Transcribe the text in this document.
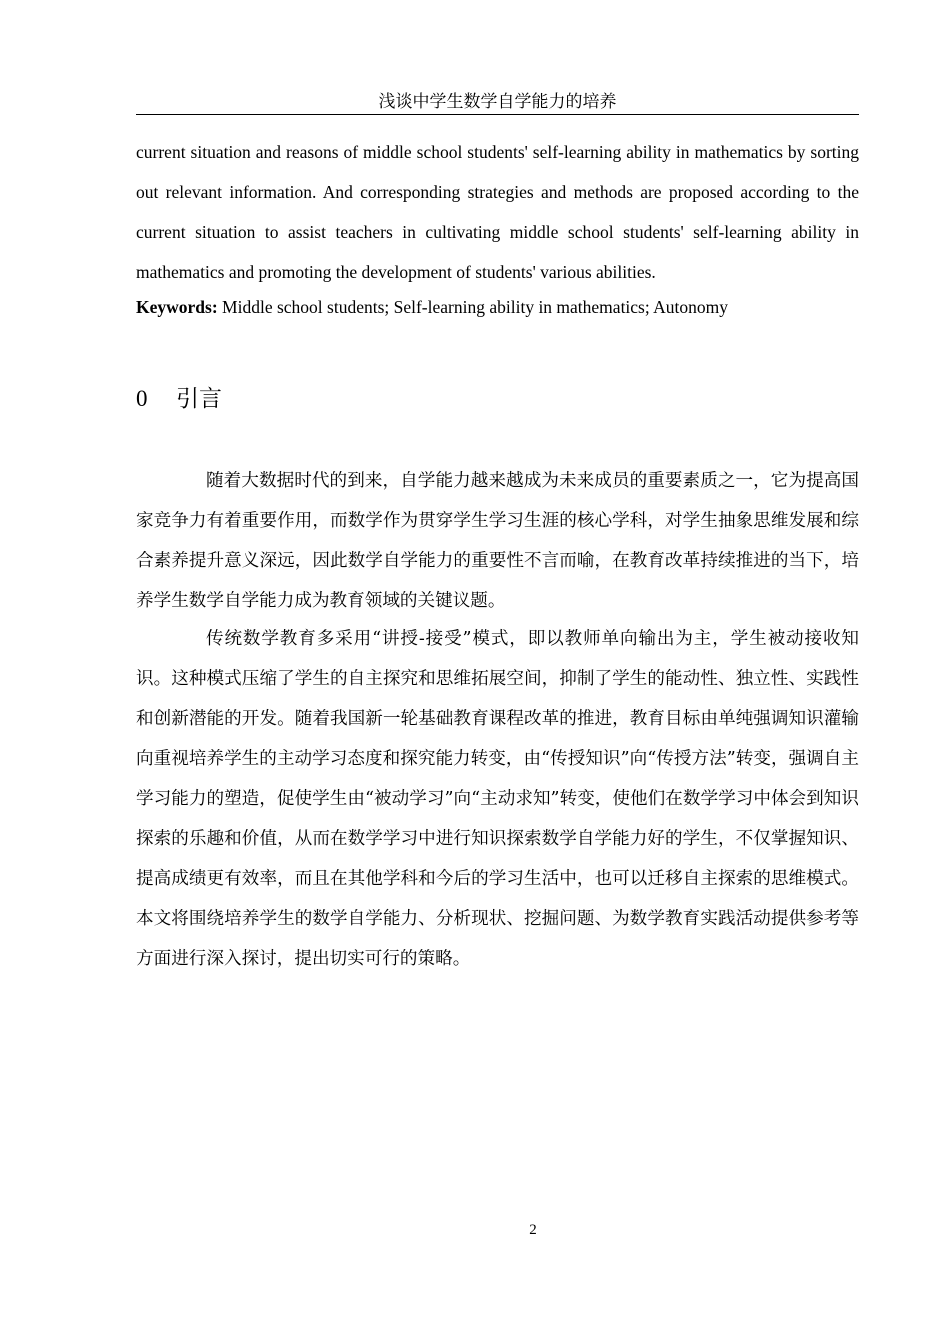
浅谈中学生数学自学能力的培养

current situation and reasons of middle school students' self-learning ability in mathematics by sorting out relevant information. And corresponding strategies and methods are proposed according to the current situation to assist teachers in cultivating middle school students' self-learning ability in mathematics and promoting the development of students' various abilities.

Keywords: Middle school students; Self-learning ability in mathematics; Autonomy

0 引言

随着大数据时代的到来，自学能力越来越成为未来成员的重要素质之一，它为提高国家竞争力有着重要作用，而数学作为贯穿学生学习生涯的核心学科，对学生抽象思维发展和综合素养提升意义深远，因此数学自学能力的重要性不言而喻，在教育改革持续推进的当下，培养学生数学自学能力成为教育领域的关键议题。

传统数学教育多采用“讲授-接受”模式，即以教师单向输出为主，学生被动接收知识。这种模式压缩了学生的自主探究和思维拓展空间，抑制了学生的能动性、独立性、实践性和创新潜能的开发。随着我国新一轮基础教育课程改革的推进，教育目标由单纯强调知识灌输向重视培养学生的主动学习态度和探究能力转变，由“传授知识”向“传授方法”转变，强调自主学习能力的塑造，促使学生由“被动学习”向“主动求知”转变，使他们在数学学习中体会到知识探索的乐趣和价值，从而在数学学习中进行知识探索数学自学能力好的学生，不仅掌握知识、提高成绩更有效率，而且在其他学科和今后的学习生活中，也可以迁移自主探索的思维模式。本文将围绕培养学生的数学自学能力、分析现状、挖掘问题、为数学教育实践活动提供参考等方面进行深入探讨，提出切实可行的策略。

2
